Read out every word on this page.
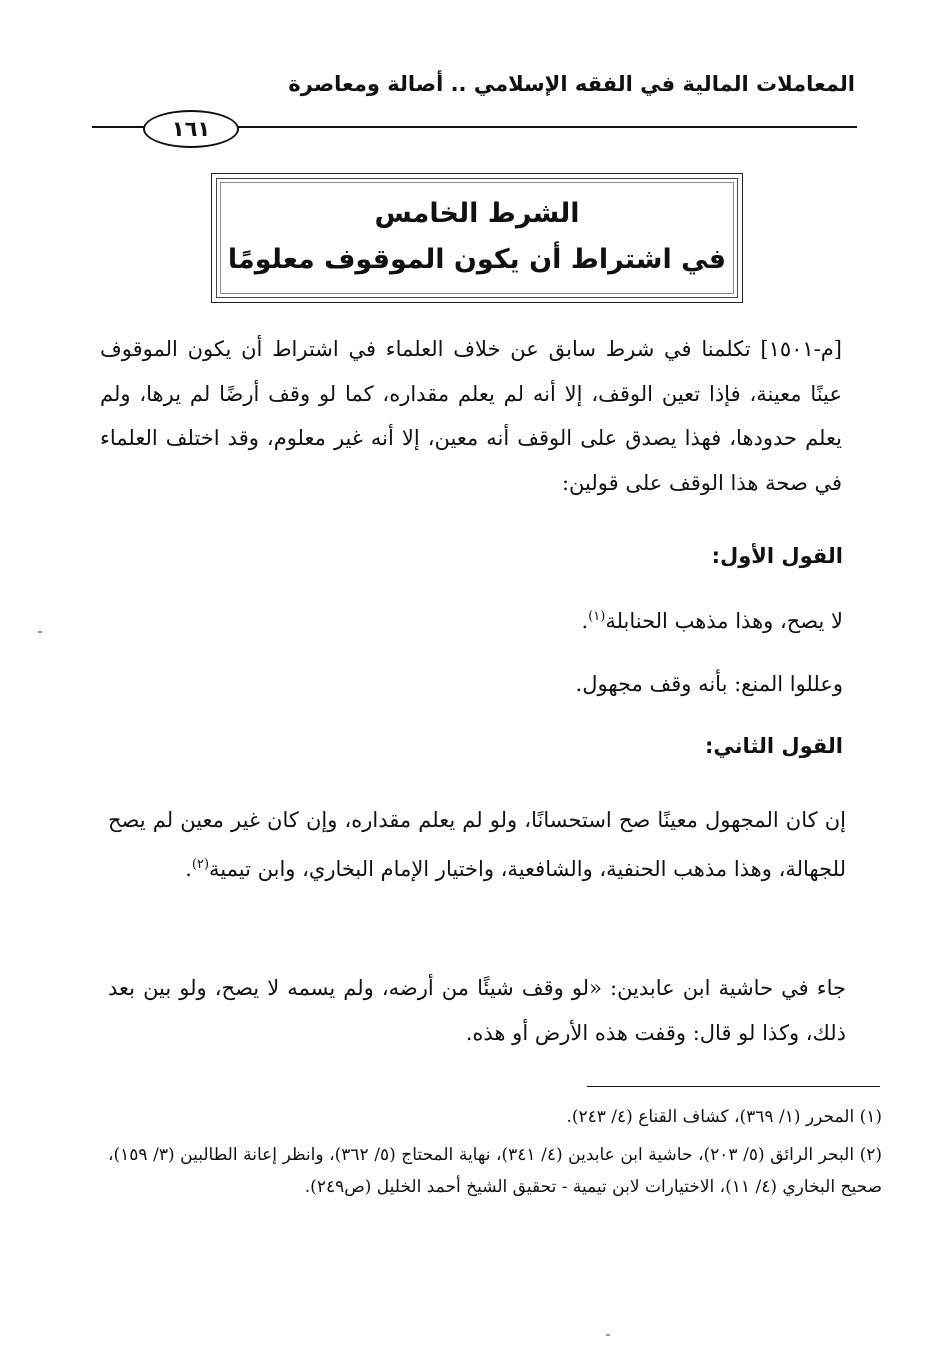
المعاملات المالية في الفقه الإسلامي .. أصالة ومعاصرة
١٦١
الشرط الخامس
في اشتراط أن يكون الموقوف معلومًا
[م-١٥٠١] تكلمنا في شرط سابق عن خلاف العلماء في اشتراط أن يكون الموقوف عينًا معينة، فإذا تعين الوقف، إلا أنه لم يعلم مقداره، كما لو وقف أرضًا لم يرها، ولم يعلم حدودها، فهذا يصدق على الوقف أنه معين، إلا أنه غير معلوم، وقد اختلف العلماء في صحة هذا الوقف على قولين:
القول الأول:
لا يصح، وهذا مذهب الحنابلة$^{(١)}$.
وعللوا المنع: بأنه وقف مجهول.
القول الثاني:
إن كان المجهول معينًا صح استحسانًا، ولو لم يعلم مقداره، وإن كان غير معين لم يصح للجهالة، وهذا مذهب الحنفية، والشافعية، واختيار الإمام البخاري، وابن تيمية$^{(٢)}$.
جاء في حاشية ابن عابدين: «لو وقف شيئًا من أرضه، ولم يسمه لا يصح، ولو بين بعد ذلك، وكذا لو قال: وقفت هذه الأرض أو هذه.

(١) المحرر (١/ ٣٦٩)، كشاف القناع (٤/ ٢٤٣).

(٢) البحر الرائق (٥/ ٢٠٣)، حاشية ابن عابدين (٤/ ٣٤١)، نهاية المحتاج (٥/ ٣٦٢)، وانظر إعانة الطالبين (٣/ ١٥٩)، صحيح البخاري (٤/ ١١)، الاختيارات لابن تيمية - تحقيق الشيخ أحمد الخليل (ص٢٤٩).
